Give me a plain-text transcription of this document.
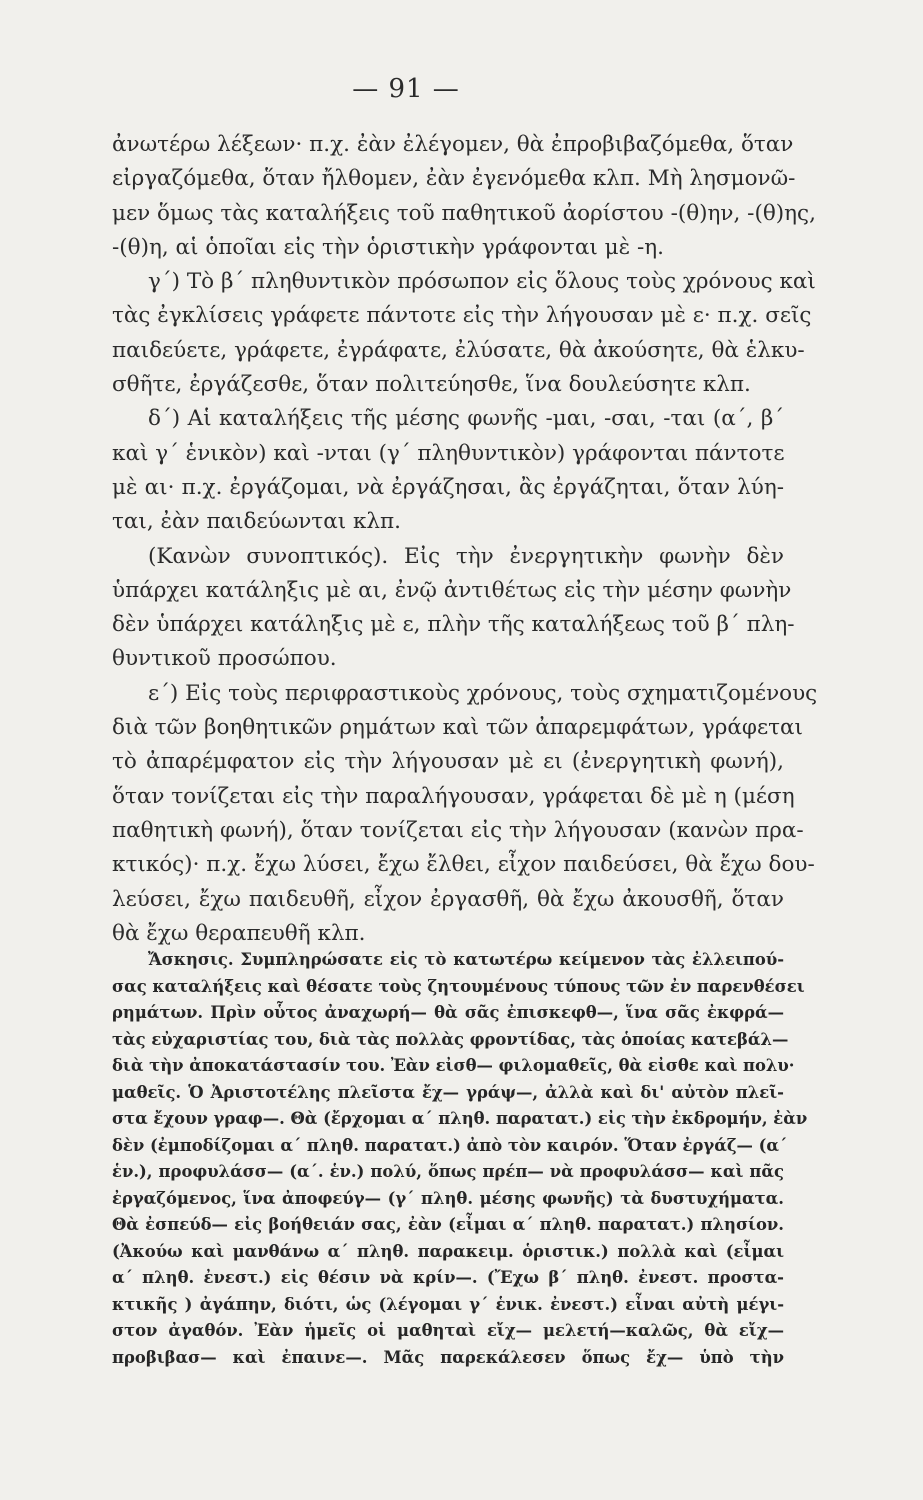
— 91 —
ἀνωτέρω λέξεων· π.χ. ἐὰν ἐλέγομεν, θὰ ἐπροβιβαζόμεθα, ὅταν
εἰργαζόμεθα, ὅταν ἤλθομεν, ἐὰν ἐγενόμεθα κλπ. Μὴ λησμονῶ-
μεν ὅμως τὰς καταλήξεις τοῦ παθητικοῦ ἀορίστου -(θ)ην, -(θ)ης,
-(θ)η, αἱ ὁποῖαι εἰς τὴν ὁριστικὴν γράφονται μὲ -η.
γ΄) Τὸ β΄ πληθυντικὸν πρόσωπον εἰς ὅλους τοὺς χρόνους καὶ
τὰς ἐγκλίσεις γράφετε πάντοτε εἰς τὴν λήγουσαν μὲ ε· π.χ. σεῖς
παιδεύετε, γράφετε, ἐγράφατε, ἐλύσατε, θὰ ἀκούσητε, θὰ ἑλκυ-
σθῆτε, ἐργάζεσθε, ὅταν πολιτεύησθε, ἵνα δουλεύσητε κλπ.
δ΄) Αἱ καταλήξεις τῆς μέσης φωνῆς -μαι, -σαι, -ται (α΄, β΄
καὶ γ΄ ἑνικὸν) καὶ -νται (γ΄ πληθυντικὸν) γράφονται πάντοτε
μὲ αι· π.χ. ἐργάζομαι, νὰ ἐργάζησαι, ἂς ἐργάζηται, ὅταν λύη-
ται, ἐὰν παιδεύωνται κλπ.
(Κανὼν συνοπτικός). Εἰς τὴν ἐνεργητικὴν φωνὴν δὲν
ὑπάρχει κατάληξις μὲ αι, ἐνῷ ἀντιθέτως εἰς τὴν μέσην φωνὴν
δὲν ὑπάρχει κατάληξις μὲ ε, πλὴν τῆς καταλήξεως τοῦ β΄ πλη-
θυντικοῦ προσώπου.
ε΄) Εἰς τοὺς περιφραστικοὺς χρόνους, τοὺς σχηματιζομένους
διὰ τῶν βοηθητικῶν ρημάτων καὶ τῶν ἀπαρεμφάτων, γράφεται
τὸ ἀπαρέμφατον εἰς τὴν λήγουσαν μὲ ει (ἐνεργητικὴ φωνή),
ὅταν τονίζεται εἰς τὴν παραλήγουσαν, γράφεται δὲ μὲ η (μέση
παθητικὴ φωνή), ὅταν τονίζεται εἰς τὴν λήγουσαν (κανὼν πρα-
κτικός)· π.χ. ἔχω λύσει, ἔχω ἔλθει, εἶχον παιδεύσει, θὰ ἔχω δου-
λεύσει, ἔχω παιδευθῆ, εἶχον ἐργασθῆ, θὰ ἔχω ἀκουσθῆ, ὅταν
θὰ ἔχω θεραπευθῆ κλπ.
Ἄσκησις. Συμπληρώσατε εἰς τὸ κατωτέρω κείμενον τὰς ἐλλειπού-
σας καταλήξεις καὶ θέσατε τοὺς ζητουμένους τύπους τῶν ἐν παρενθέσει
ρημάτων. Πρὶν οὗτος ἀναχωρή— θὰ σᾶς ἐπισκεφθ—, ἵνα σᾶς ἐκφρά—
τὰς εὐχαριστίας του, διὰ τὰς πολλὰς φροντίδας, τὰς ὁποίας κατεβάλ—
διὰ τὴν ἀποκατάστασίν του. Ἐὰν εἰσθ— φιλομαθεῖς, θὰ εἰσθε καὶ πολυ·
μαθεῖς. Ὁ Ἀριστοτέλης πλεῖστα ἔχ— γράψ—, ἀλλὰ καὶ δι' αὐτὸν πλεῖ-
στα ἔχουν γραφ—. Θὰ (ἔρχομαι α΄ πληθ. παρατατ.) εἰς τὴν ἐκδρομήν, ἐὰν
δὲν (ἐμποδίζομαι α΄ πληθ. παρατατ.) ἀπὸ τὸν καιρόν. Ὅταν ἐργάζ— (α΄
ἑν.), προφυλάσσ— (α΄. ἑν.) πολύ, ὅπως πρέπ— νὰ προφυλάσσ— καὶ πᾶς
ἐργαζόμενος, ἵνα ἀποφεύγ— (γ΄ πληθ. μέσης φωνῆς) τὰ δυστυχήματα.
Θὰ ἐσπεύδ— εἰς βοήθειάν σας, ἐὰν (εἶμαι α΄ πληθ. παρατατ.) πλησίον.
(Ἀκούω καὶ μανθάνω α΄ πληθ. παρακειμ. ὁριστικ.) πολλὰ καὶ (εἶμαι
α΄ πληθ. ἐνεστ.) εἰς θέσιν νὰ κρίν—. (Ἔχω β΄ πληθ. ἐνεστ. προστα-
κτικῆς ) ἀγάπην, διότι, ὡς (λέγομαι γ΄ ἑνικ. ἐνεστ.) εἶναι αὐτὴ μέγι-
στον ἀγαθόν. Ἐὰν ἡμεῖς οἱ μαθηταὶ εἴχ— μελετή—καλῶς, θὰ εἴχ—
προβιβασ— καὶ ἐπαινε—. Μᾶς παρεκάλεσεν ὅπως ἔχ— ὑπὸ τὴν
